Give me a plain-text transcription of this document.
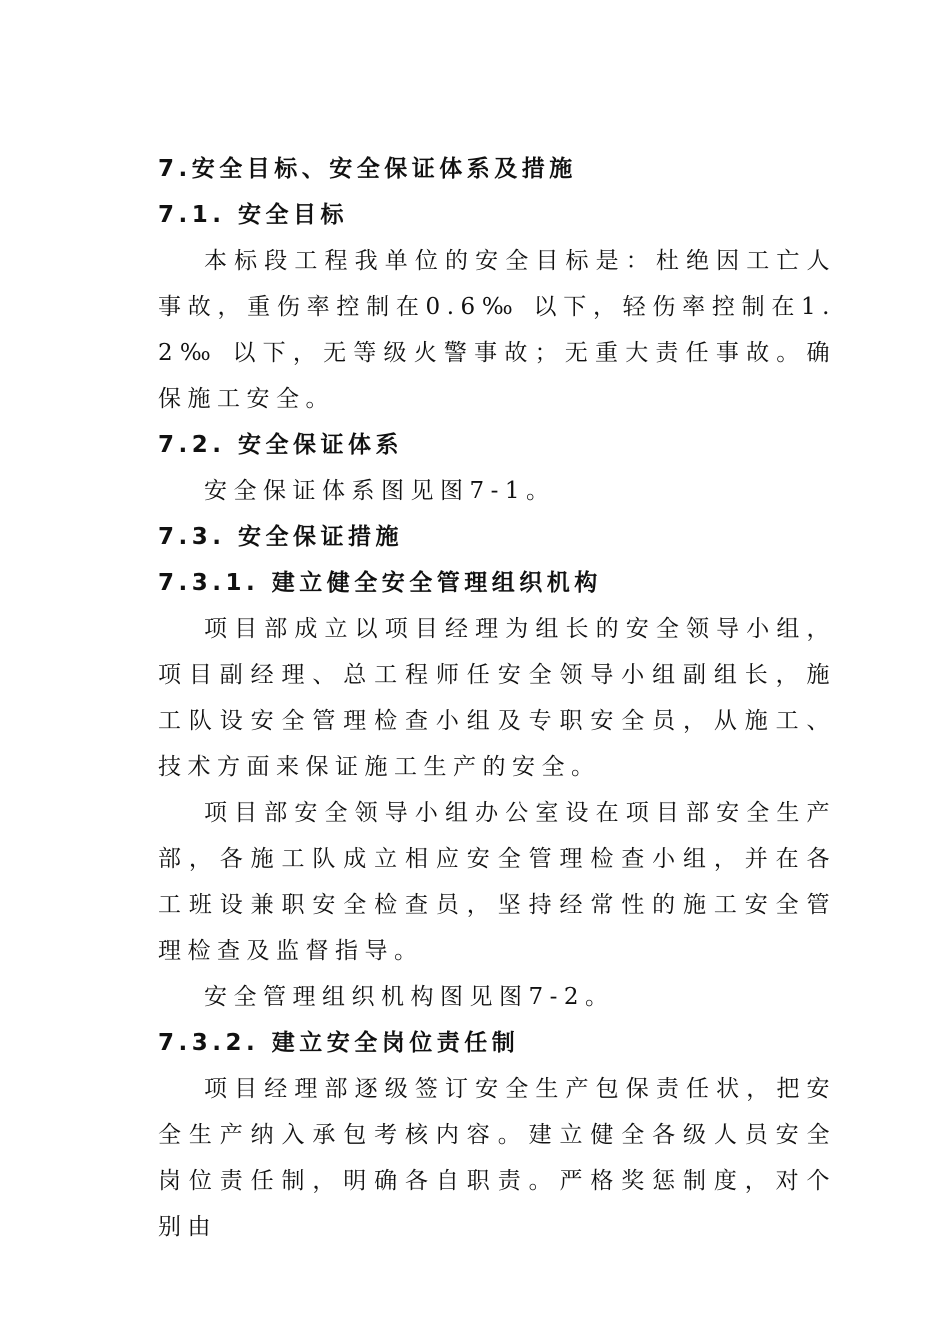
7.安全目标、安全保证体系及措施

7.1. 安全目标

本标段工程我单位的安全目标是：杜绝因工亡人事故，重伤率控制在0.6‰ 以下，轻伤率控制在1.2‰ 以下，无等级火警事故；无重大责任事故。确保施工安全。

7.2. 安全保证体系

安全保证体系图见图7-1。

7.3. 安全保证措施

7.3.1. 建立健全安全管理组织机构

项目部成立以项目经理为组长的安全领导小组，项目副经理、总工程师任安全领导小组副组长，施工队设安全管理检查小组及专职安全员，从施工、技术方面来保证施工生产的安全。

项目部安全领导小组办公室设在项目部安全生产部，各施工队成立相应安全管理检查小组，并在各工班设兼职安全检查员，坚持经常性的施工安全管理检查及监督指导。

安全管理组织机构图见图7-2。

7.3.2. 建立安全岗位责任制

项目经理部逐级签订安全生产包保责任状，把安全生产纳入承包考核内容。建立健全各级人员安全岗位责任制，明确各自职责。严格奖惩制度，对个别由
